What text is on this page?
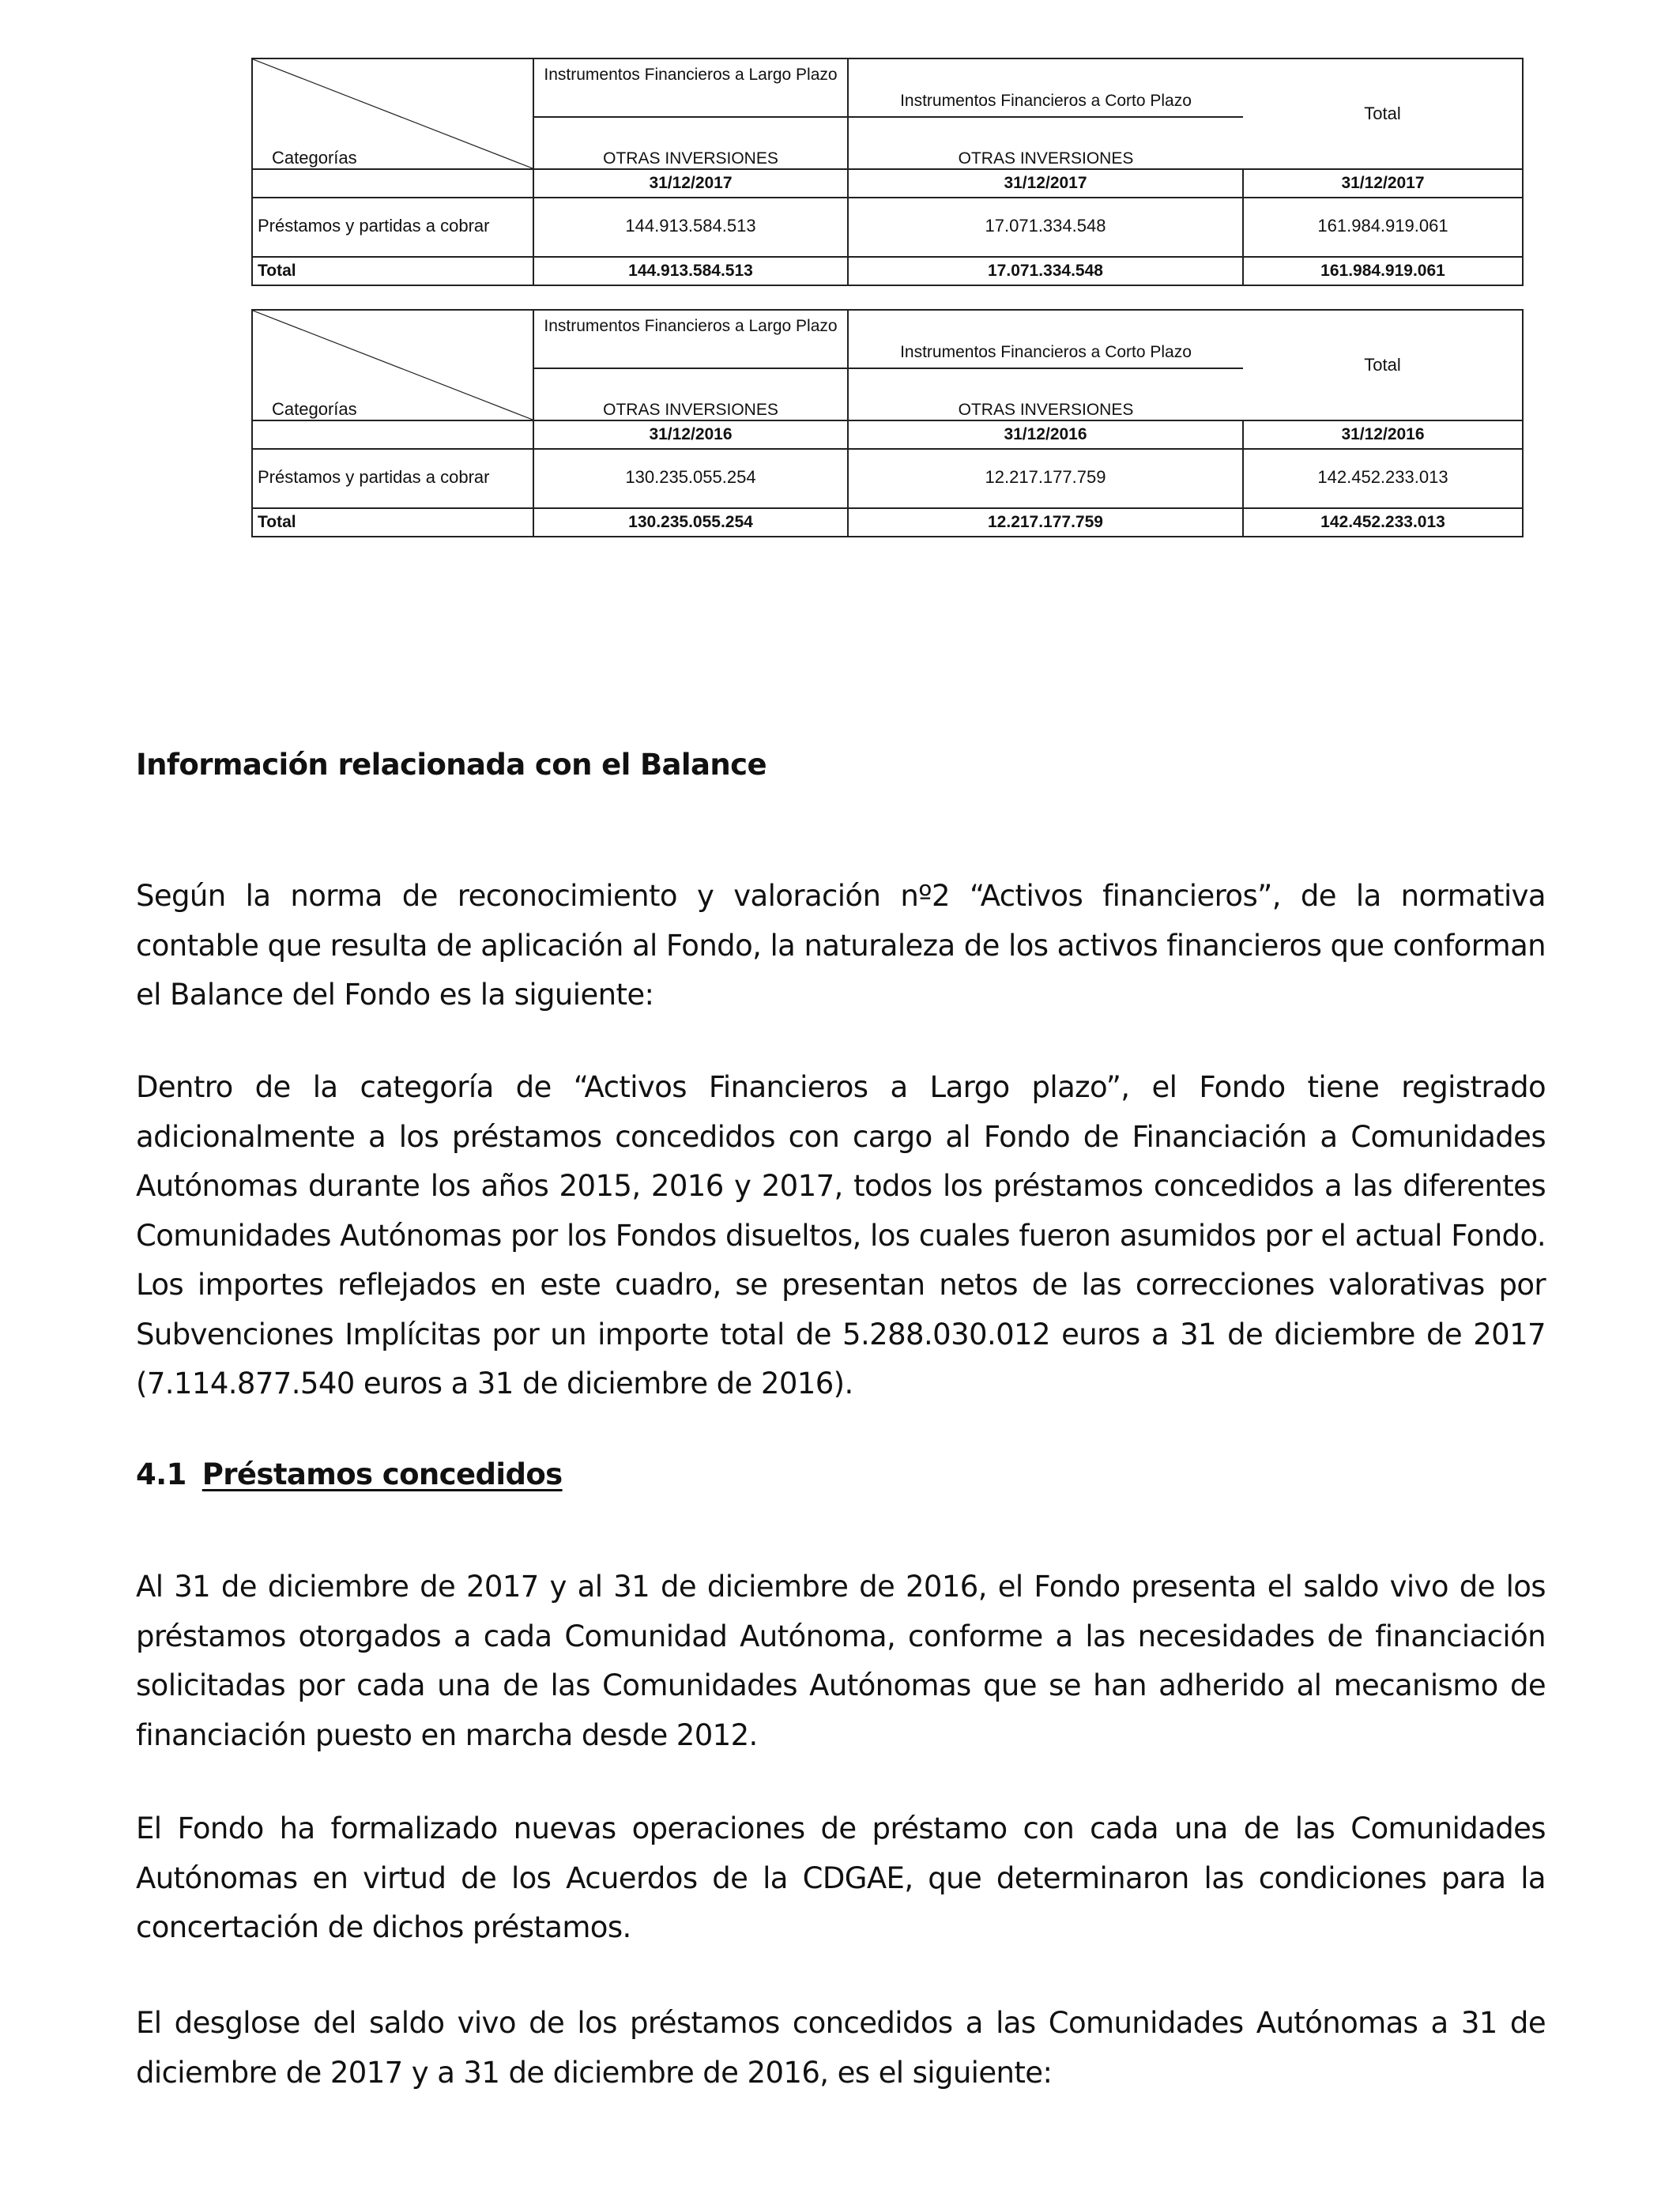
Categorías	Instrumentos Financieros a Largo Plazo	Instrumentos Financieros a Corto Plazo	Total
	OTRAS INVERSIONES	OTRAS INVERSIONES	
	31/12/2017	31/12/2017	31/12/2017
Préstamos y partidas a cobrar	144.913.584.513	17.071.334.548	161.984.919.061

Total	144.913.584.513	17.071.334.548	161.984.919.061
Categorías	Instrumentos Financieros a Largo Plazo	Instrumentos Financieros a Corto Plazo	Total
	OTRAS INVERSIONES	OTRAS INVERSIONES	
	31/12/2016	31/12/2016	31/12/2016
Préstamos y partidas a cobrar	130.235.055.254	12.217.177.759	142.452.233.013

Total	130.235.055.254	12.217.177.759	142.452.233.013
Información relacionada con el Balance
Según la norma de reconocimiento y valoración nº2 “Activos financieros”, de la normativa contable que resulta de aplicación al Fondo, la naturaleza de los activos financieros que conforman el Balance del Fondo es la siguiente:
Dentro de la categoría de “Activos Financieros a Largo plazo”, el Fondo tiene registrado adicionalmente a los préstamos concedidos con cargo al Fondo de Financiación a Comunidades Autónomas durante los años 2015, 2016 y 2017, todos los préstamos concedidos a las diferentes Comunidades Autónomas por los Fondos disueltos, los cuales fueron asumidos por el actual Fondo. Los importes reflejados en este cuadro, se presentan netos de las correcciones valorativas por Subvenciones Implícitas por un importe total de 5.288.030.012 euros a 31 de diciembre de 2017 (7.114.877.540 euros a 31 de diciembre de 2016).
4.1 Préstamos concedidos
Al 31 de diciembre de 2017 y al 31 de diciembre de 2016, el Fondo presenta el saldo vivo de los préstamos otorgados a cada Comunidad Autónoma, conforme a las necesidades de financiación solicitadas por cada una de las Comunidades Autónomas que se han adherido al mecanismo de financiación puesto en marcha desde 2012.
El Fondo ha formalizado nuevas operaciones de préstamo con cada una de las Comunidades Autónomas en virtud de los Acuerdos de la CDGAE, que determinaron las condiciones para la concertación de dichos préstamos.
El desglose del saldo vivo de los préstamos concedidos a las Comunidades Autónomas a 31 de diciembre de 2017 y a 31 de diciembre de 2016, es el siguiente:
